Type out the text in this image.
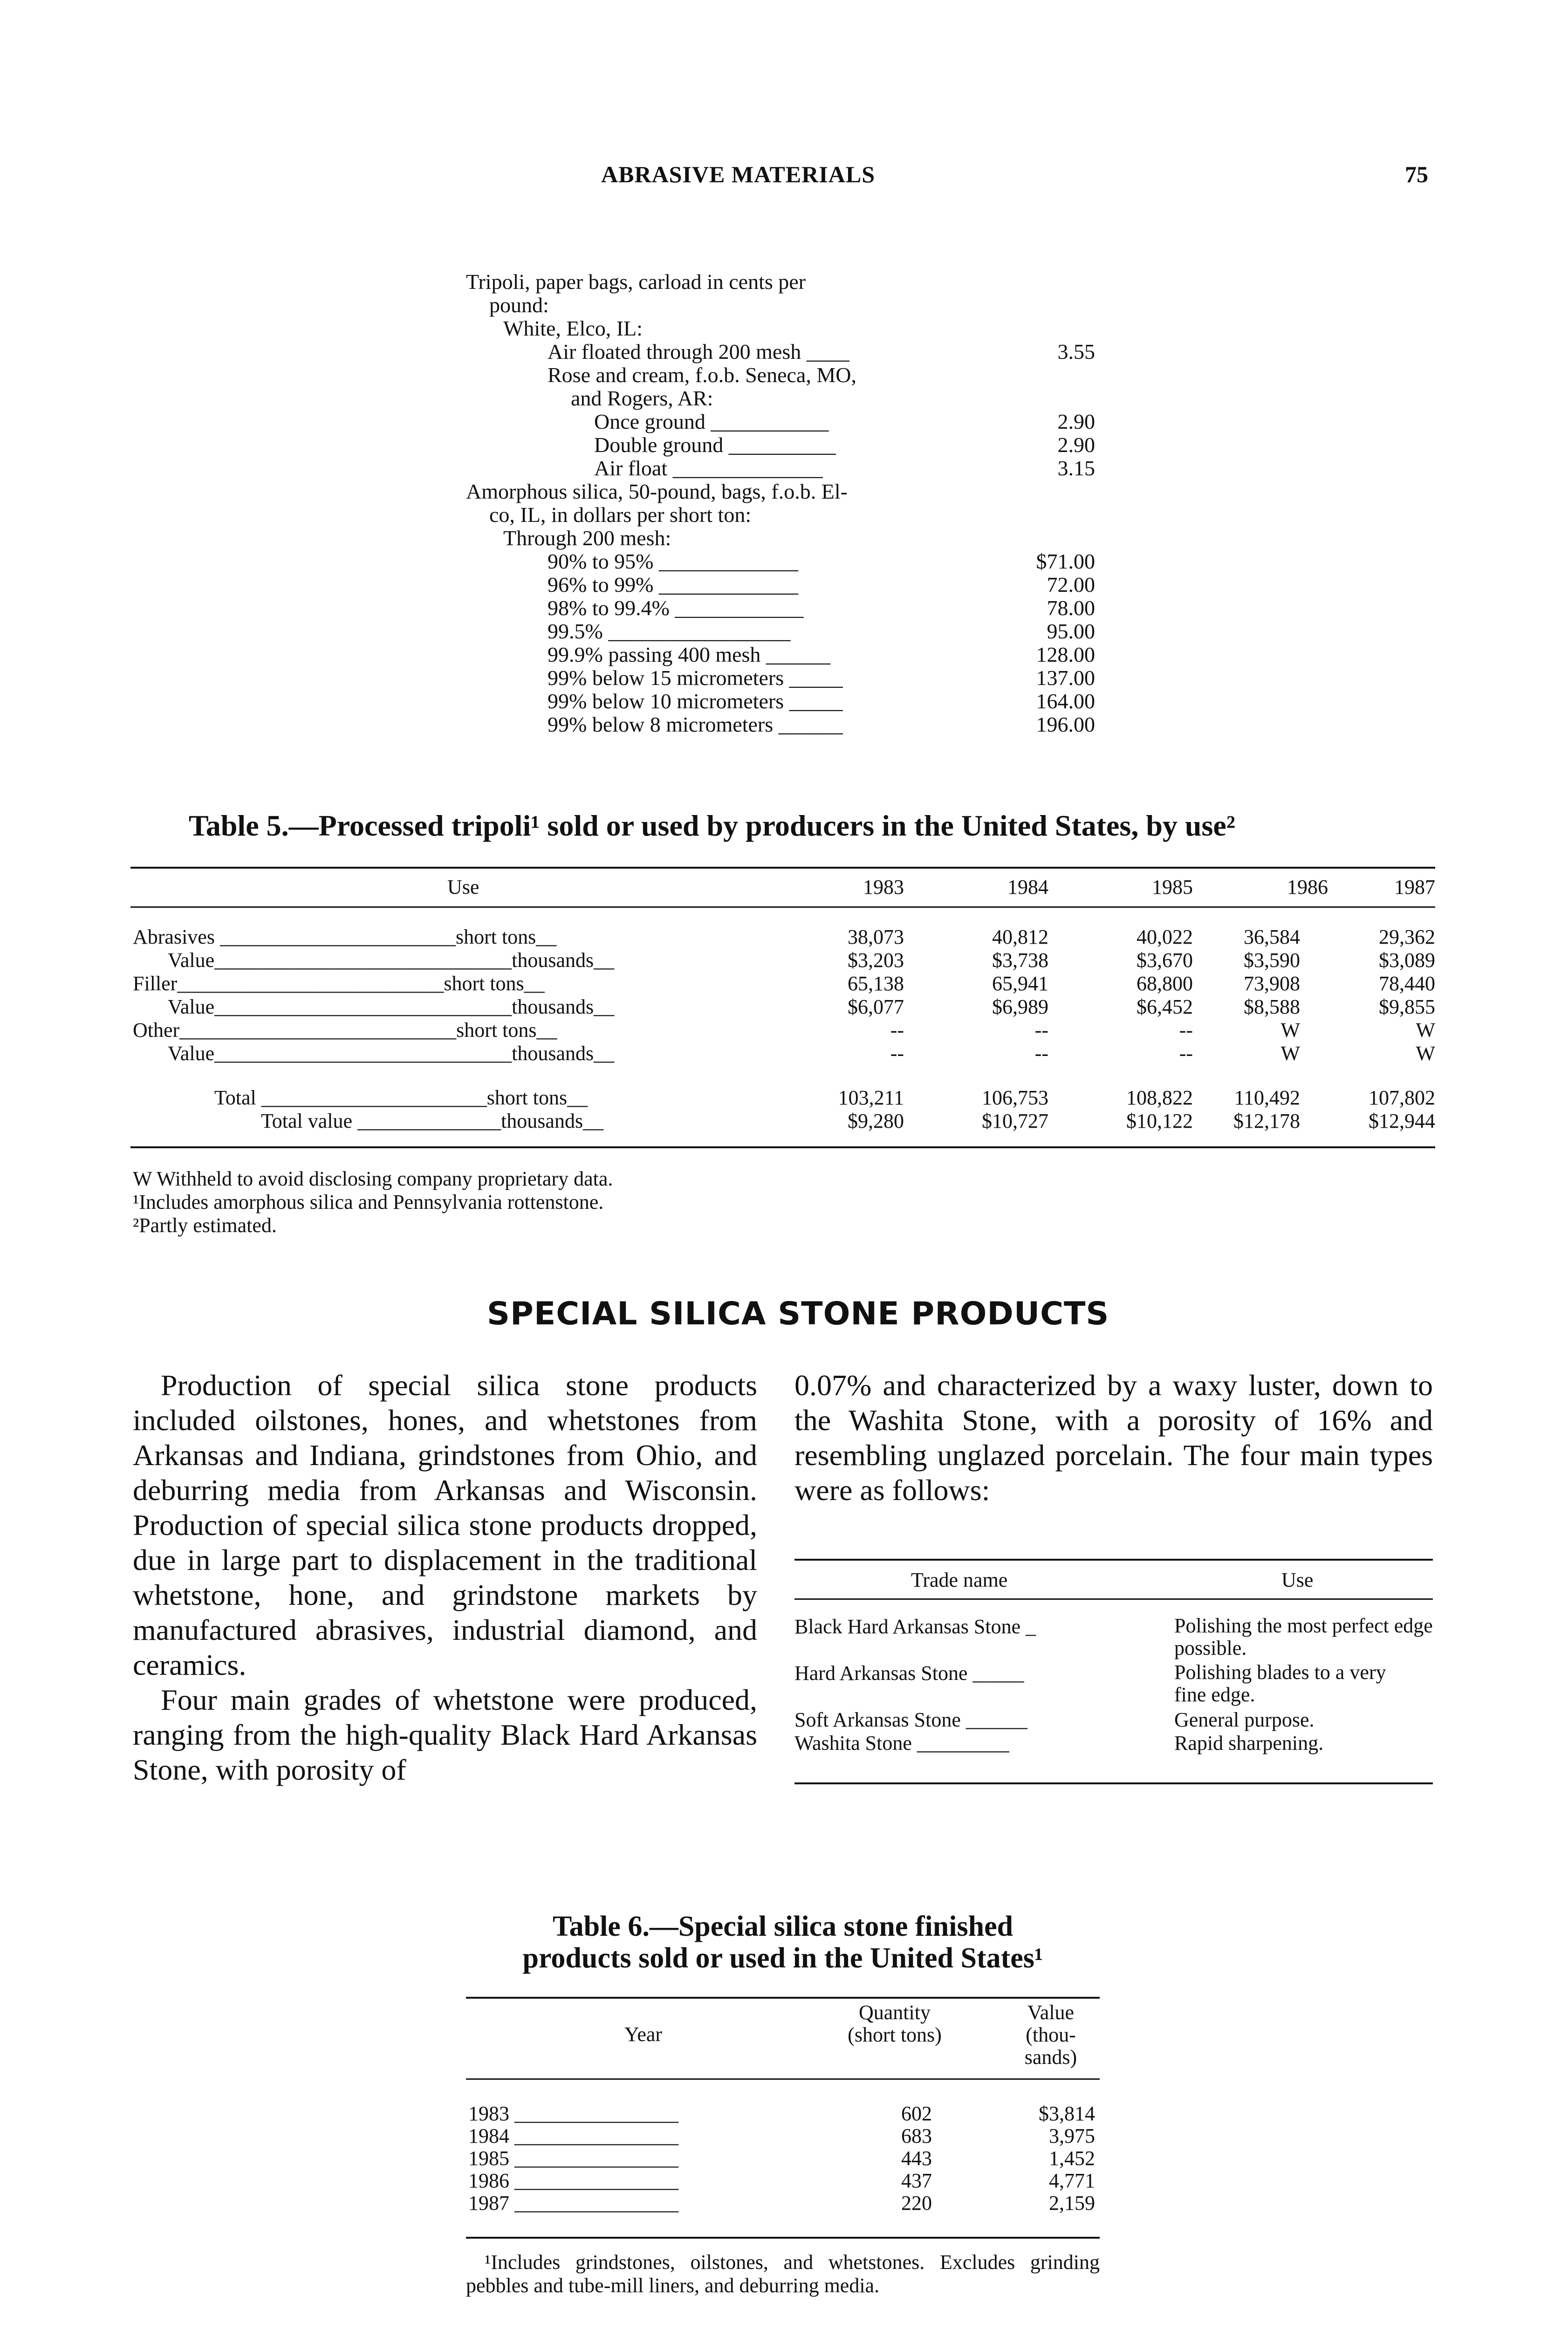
ABRASIVE MATERIALS	75
Tripoli, paper bags, carload in cents per
pound:
White, Elco, IL:
Air floated through 200 mesh ____	3.55
Rose and cream, f.o.b. Seneca, MO,
and Rogers, AR:
Once ground ___________	2.90
Double ground __________	2.90
Air float ______________	3.15
Amorphous silica, 50-pound, bags, f.o.b. El-
co, IL, in dollars per short ton:
Through 200 mesh:
90% to 95% _____________	$71.00
96% to 99% _____________	72.00
98% to 99.4% ____________	78.00
99.5% _________________	95.00
99.9% passing 400 mesh ______	128.00
99% below 15 micrometers _____	137.00
99% below 10 micrometers _____	164.00
99% below 8 micrometers ______	196.00
Table 5.—Processed tripoli¹ sold or used by producers in the United States, by use²
Use	1983	1984	1985	1986	1987
Abrasives _______________________short tons__	38,073	40,812	40,022	36,584	29,362
Value_____________________________thousands__	$3,203	$3,738	$3,670	$3,590	$3,089
Filler__________________________short tons__	65,138	65,941	68,800	73,908	78,440
Value_____________________________thousands__	$6,077	$6,989	$6,452	$8,588	$9,855
Other___________________________short tons__	--	--	--	W	W
Value_____________________________thousands__	--	--	--	W	W
Total ______________________short tons__	103,211	106,753	108,822	110,492	107,802
Total value ______________thousands__	$9,280	$10,727	$10,122	$12,178	$12,944
W Withheld to avoid disclosing company proprietary data.
¹Includes amorphous silica and Pennsylvania rottenstone.
²Partly estimated.
SPECIAL SILICA STONE PRODUCTS

Production of special silica stone products included oilstones, hones, and whetstones from Arkansas and Indiana, grindstones from Ohio, and deburring media from Arkansas and Wisconsin. Production of special silica stone products dropped, due in large part to displacement in the traditional whetstone, hone, and grindstone markets by manufactured abrasives, industrial diamond, and ceramics.

Four main grades of whetstone were produced, ranging from the high-quality Black Hard Arkansas Stone, with porosity of

0.07% and characterized by a waxy luster, down to the Washita Stone, with a porosity of 16% and resembling unglazed porcelain. The four main types were as follows:

Trade name	Use
Black Hard Arkansas Stone _	Polishing the most perfect edge possible.
Hard Arkansas Stone _____	Polishing blades to a very fine edge.
Soft Arkansas Stone ______	General purpose.
Washita Stone _________	Rapid sharpening.
Table 6.—Special silica stone finished
products sold or used in the United States¹
Year
Quantity (short tons)
Value (thou- sands)
1983 ________________	602	$3,814
1984 ________________	683	3,975
1985 ________________	443	1,452
1986 ________________	437	4,771
1987 ________________	220	2,159
¹Includes grindstones, oilstones, and whetstones. Excludes grinding pebbles and tube-mill liners, and deburring media.
